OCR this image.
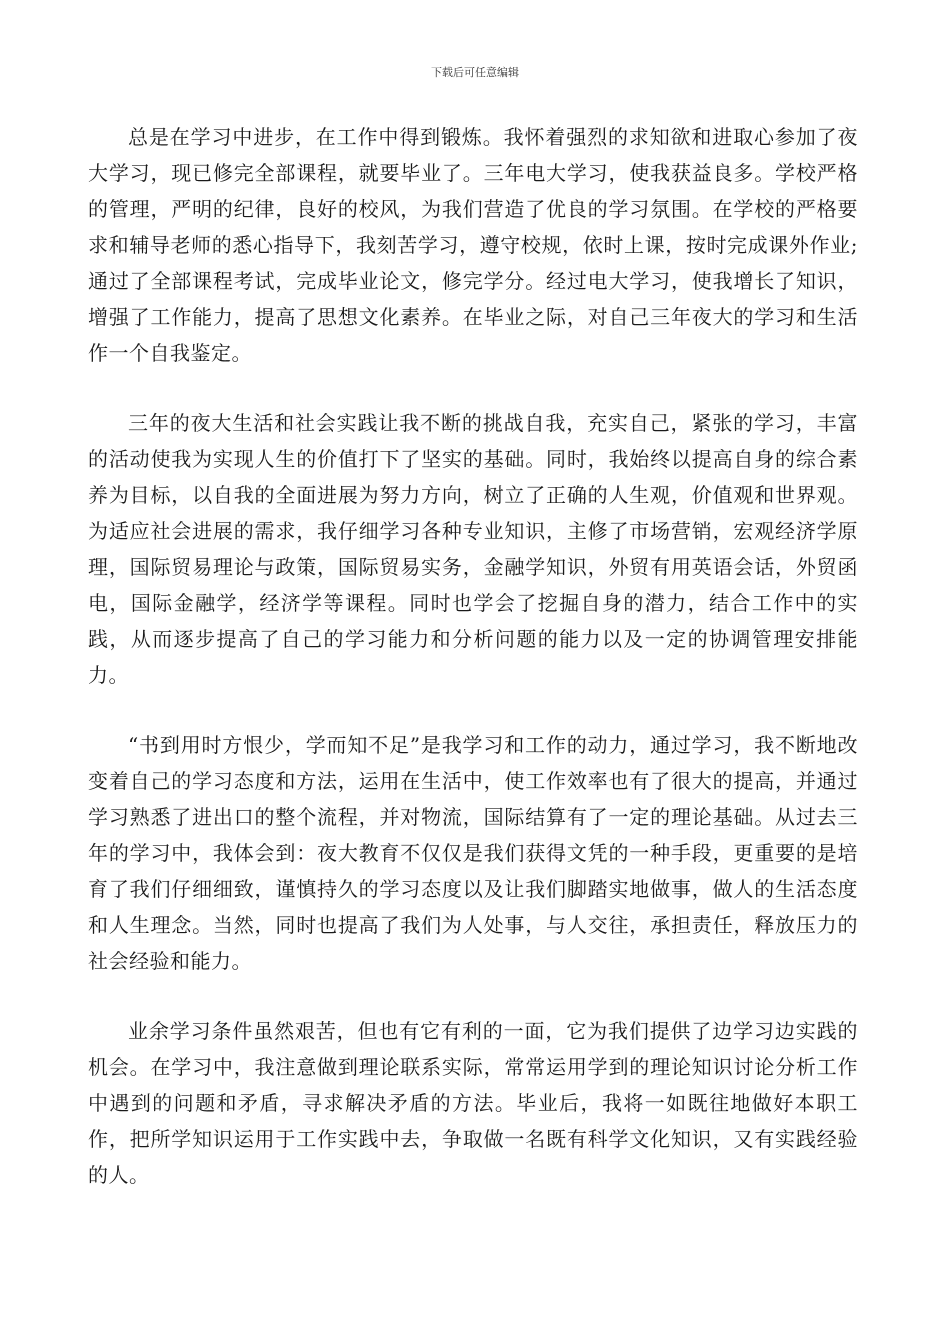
下载后可任意编辑

总是在学习中进步，在工作中得到锻炼。我怀着强烈的求知欲和进取心参加了夜大学习，现已修完全部课程，就要毕业了。三年电大学习，使我获益良多。学校严格的管理，严明的纪律，良好的校风，为我们营造了优良的学习氛围。在学校的严格要求和辅导老师的悉心指导下，我刻苦学习，遵守校规，依时上课，按时完成课外作业;通过了全部课程考试，完成毕业论文，修完学分。经过电大学习，使我增长了知识，增强了工作能力，提高了思想文化素养。在毕业之际，对自己三年夜大的学习和生活作一个自我鉴定。

三年的夜大生活和社会实践让我不断的挑战自我，充实自己，紧张的学习，丰富的活动使我为实现人生的价值打下了坚实的基础。同时，我始终以提高自身的综合素养为目标，以自我的全面进展为努力方向，树立了正确的人生观，价值观和世界观。为适应社会进展的需求，我仔细学习各种专业知识，主修了市场营销，宏观经济学原理，国际贸易理论与政策，国际贸易实务，金融学知识，外贸有用英语会话，外贸函电，国际金融学，经济学等课程。同时也学会了挖掘自身的潜力，结合工作中的实践，从而逐步提高了自己的学习能力和分析问题的能力以及一定的协调管理安排能力。

“书到用时方恨少，学而知不足”是我学习和工作的动力，通过学习，我不断地改变着自己的学习态度和方法，运用在生活中，使工作效率也有了很大的提高，并通过学习熟悉了进出口的整个流程，并对物流，国际结算有了一定的理论基础。从过去三年的学习中，我体会到：夜大教育不仅仅是我们获得文凭的一种手段，更重要的是培育了我们仔细细致，谨慎持久的学习态度以及让我们脚踏实地做事，做人的生活态度和人生理念。当然，同时也提高了我们为人处事，与人交往，承担责任，释放压力的社会经验和能力。

业余学习条件虽然艰苦，但也有它有利的一面，它为我们提供了边学习边实践的机会。在学习中，我注意做到理论联系实际，常常运用学到的理论知识讨论分析工作中遇到的问题和矛盾，寻求解决矛盾的方法。毕业后，我将一如既往地做好本职工作，把所学知识运用于工作实践中去，争取做一名既有科学文化知识，又有实践经验的人。
